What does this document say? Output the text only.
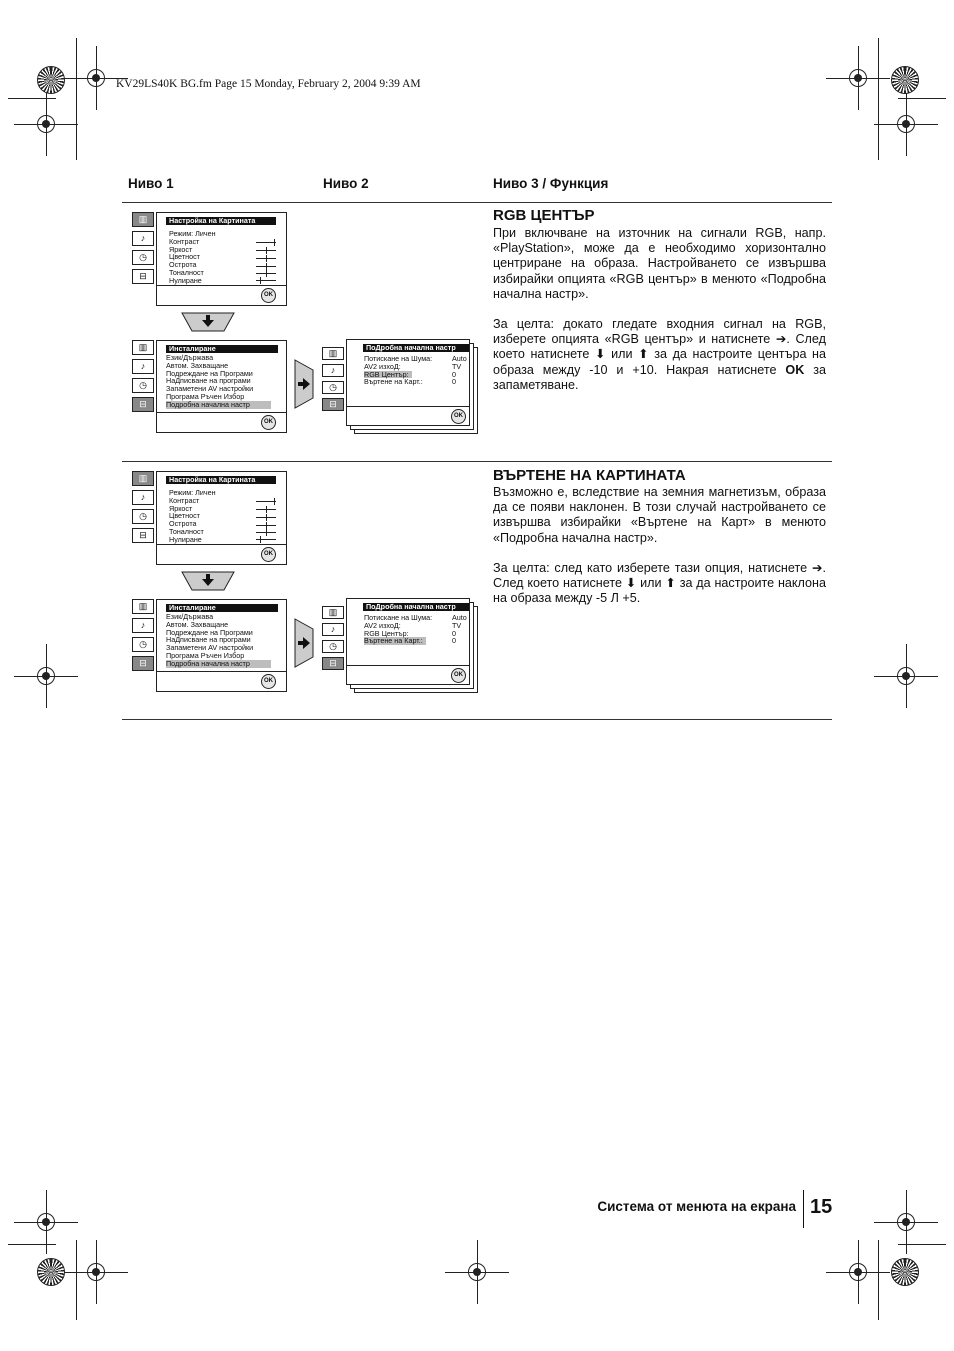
KV29LS40K BG.fm Page 15 Monday, February 2, 2004 9:39 AM
Ниво 1	Ниво 2	Ниво 3 / Функция
▥
♪
◷
⊟
Настройка на Картината
Режим: Личен
Контраст
Яркост
Цветност
Острота
Тоналност
Нулиране
OK
▥
♪
◷
⊟
Инсталиране
Език/Държава
Автом. Захващане
Подреждане на Програми
НаДписване на програми
Запаметени AV настройки
Програма Ръчен Избор
Подробна начална настр
OK
▥
♪
◷
⊟
ПоДробна начална настр
Потискане на Шума:
AV2 изхоД:
RGB Център:
Въртене на Карт.:
Auto
TV
0
0
OK
RGB ЦЕНТЪР
При включване на източник на сигнали RGB, напр. «PlayStation», може да е необходимо хоризонтално центриране на образа. Настройването се извършва избирайки опцията «RGB център» в менюто «Подробна начална настр».
За целта: докато гледате входния сигнал на RGB, изберете опцията «RGB център» и натиснете ➔. След което натиснете ⬇ или ⬆ за да настроите центъра на образа между -10 и +10. Накрая натиснете OK за запаметяване.
▥
♪
◷
⊟
Настройка на Картината
Режим: Личен
Контраст
Яркост
Цветност
Острота
Тоналност
Нулиране
OK
▥
♪
◷
⊟
Инсталиране
Език/Държава
Автом. Захващане
Подреждане на Програми
НаДписване на програми
Запаметени AV настройки
Програма Ръчен Избор
Подробна начална настр
OK
▥
♪
◷
⊟
ПоДробна начална настр
Потискане на Шума:
AV2 изхоД:
RGB Център:
Въртене на Карт.:
Auto
TV
0
0
OK
ВЪРТЕНЕ НА КАРТИНАТА
Възможно е, вследствие на земния магнетизъм, образа да се появи наклонен. В този случай настройването се извършва избирайки «Въртене на Карт» в менюто «Подробна начална настр».
За целта: след като изберете тази опция, натиснете ➔. След което натиснете ⬇ или ⬆ за да настроите наклона на образа между -5 Л +5.
Система от менюта на екрана 15
